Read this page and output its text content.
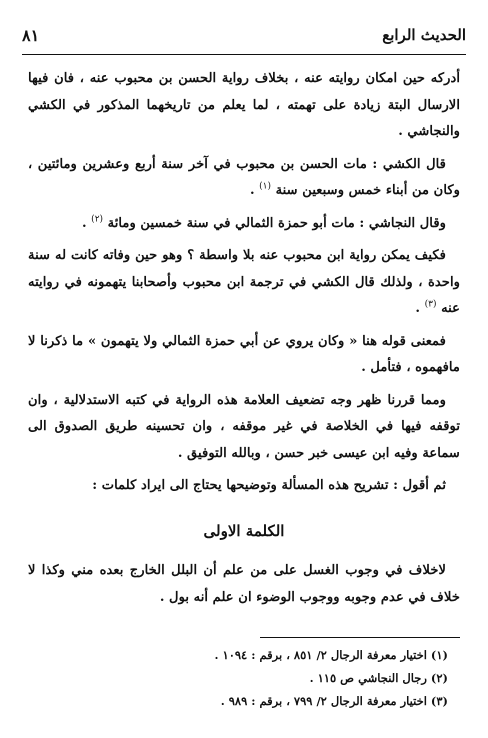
الحديث الرابع
٨١

أدركه حين امكان روايته عنه ، بخلاف رواية الحسن بن محبوب عنه ، فان فيها الارسال البتة زيادة على تهمته ، لما يعلم من تاريخهما المذكور في الكشي والنجاشي .

قال الكشي : مات الحسن بن محبوب في آخر سنة أربع وعشرين ومائتين ، وكان من أبناء خمس وسبعين سنة $^{(١)}$ .

وقال النجاشي : مات أبو حمزة الثمالي في سنة خمسين ومائة $^{(٢)}$ .

فكيف يمكن رواية ابن محبوب عنه بلا واسطة ؟ وهو حين وفاته كانت له سنة واحدة ، ولذلك قال الكشي في ترجمة ابن محبوب وأصحابنا يتهمونه في روايته عنه $^{(٣)}$ .

فمعنى قوله هنا « وكان يروي عن أبي حمزة الثمالي ولا يتهمون » ما ذكرنا لا مافهموه ، فتأمل .

ومما قررنا ظهر وجه تضعيف العلامة هذه الرواية في كتبه الاستدلالية ، وان توقفه فيها في الخلاصة في غير موقفه ، وان تحسينه طريق الصدوق الى سماعة وفيه ابن عيسى خبر حسن ، وبالله التوفيق .

ثم أقول : تشريح هذه المسألة وتوضيحها يحتاج الى ايراد كلمات :

الكلمة الاولى

لاخلاف في وجوب الغسل على من علم أن البلل الخارج بعده مني وكذا لا خلاف في عدم وجوبه ووجوب الوضوء ان علم أنه بول .

(١) اختيار معرفة الرجال ٢/ ٨٥١ ، برقم : ١٠٩٤ .
(٢) رجال النجاشي ص ١١٥ .
(٣) اختيار معرفة الرجال ٢/ ٧٩٩ ، برقم : ٩٨٩ .
